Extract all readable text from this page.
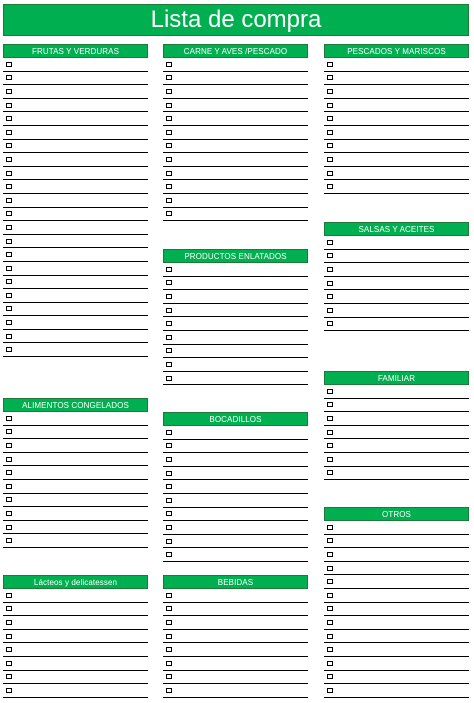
Lista de compra
FRUTAS Y VERDURAS
ALIMENTOS CONGELADOS
Lácteos y delicatessen
CARNE Y AVES /PESCADO
PRODUCTOS ENLATADOS
BOCADILLOS
BEBIDAS
PESCADOS Y MARISCOS
SALSAS Y ACEITES
FAMILIAR
OTROS
